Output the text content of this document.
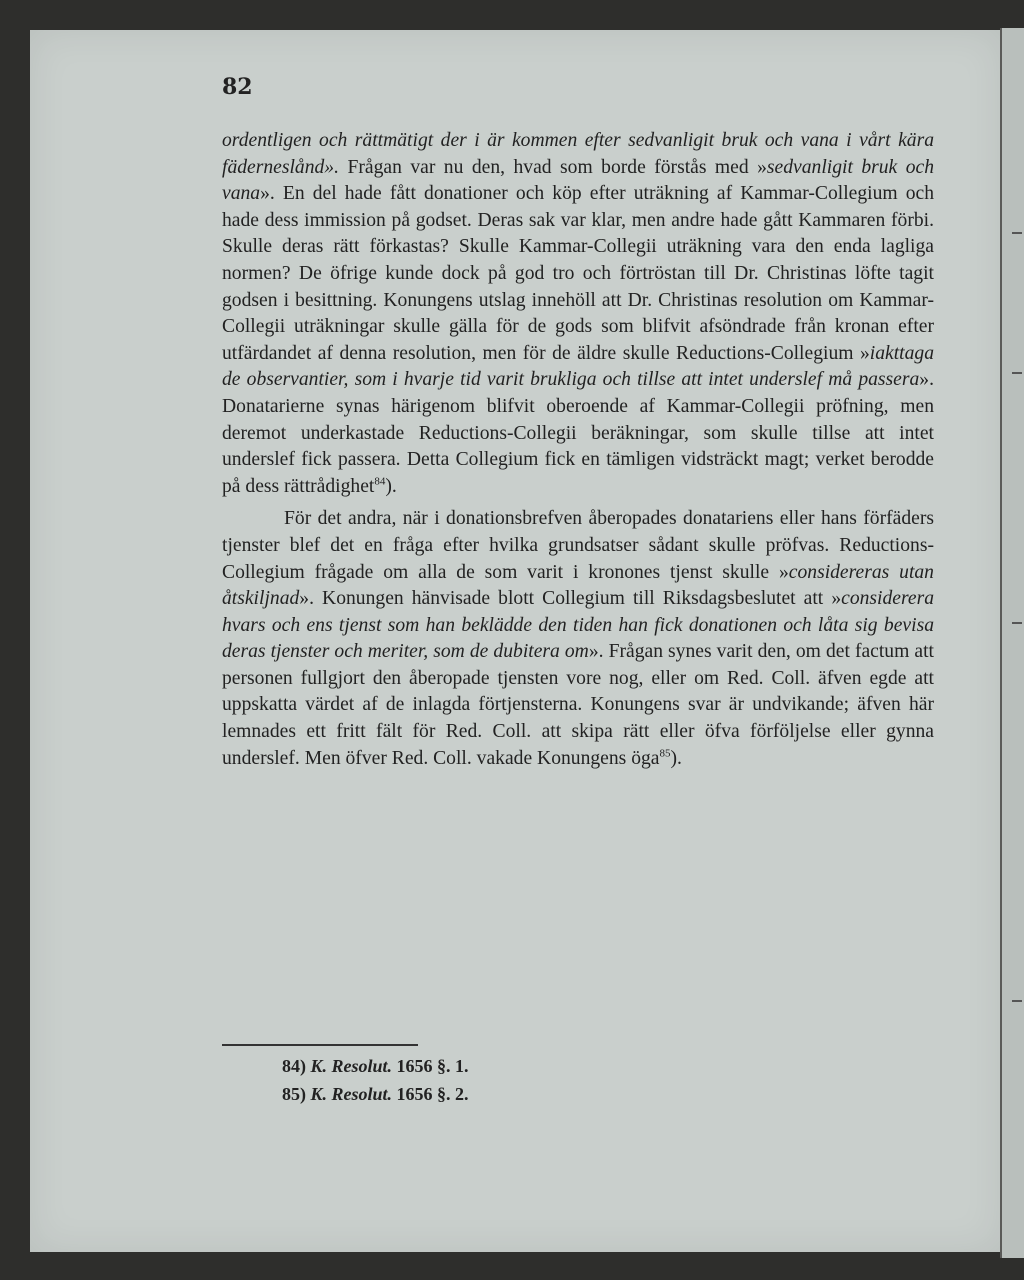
82

ordentligen och rättmätigt der i är kommen efter sedvanligit bruk och vana i vårt kära fäderneslånd». Frågan var nu den, hvad som borde förstås med »sedvanligit bruk och vana». En del hade fått donationer och köp efter uträkning af Kammar-Collegium och hade dess immission på godset. Deras sak var klar, men andre hade gått Kammaren förbi. Skulle deras rätt förkastas? Skulle Kammar-Collegii uträkning vara den enda lagliga normen? De öfrige kunde dock på god tro och förtröstan till Dr. Christinas löfte tagit godsen i besittning. Konungens utslag innehöll att Dr. Christinas resolution om Kammar-Collegii uträkningar skulle gälla för de gods som blifvit afsöndrade från kronan efter utfärdandet af denna resolution, men för de äldre skulle Reductions-Collegium »iakttaga de observantier, som i hvarje tid varit brukliga och tillse att intet underslef må passera». Donatarierne synas härigenom blifvit oberoende af Kammar-Collegii pröfning, men deremot underkastade Reductions-Collegii beräkningar, som skulle tillse att intet underslef fick passera. Detta Collegium fick en tämligen vidsträckt magt; verket berodde på dess rättrådighet$^{84}$).

För det andra, när i donationsbrefven åberopades donatariens eller hans förfäders tjenster blef det en fråga efter hvilka grundsatser sådant skulle pröfvas. Reductions-Collegium frågade om alla de som varit i kronones tjenst skulle »considereras utan åtskiljnad». Konungen hänvisade blott Collegium till Riksdagsbeslutet att »considerera hvars och ens tjenst som han beklädde den tiden han fick donationen och låta sig bevisa deras tjenster och meriter, som de dubitera om». Frågan synes varit den, om det factum att personen fullgjort den åberopade tjensten vore nog, eller om Red. Coll. äfven egde att uppskatta värdet af de inlagda förtjensterna. Konungens svar är undvikande; äfven här lemnades ett fritt fält för Red. Coll. att skipa rätt eller öfva förföljelse eller gynna underslef. Men öfver Red. Coll. vakade Konungens öga$^{85}$).

84) K. Resolut. 1656 §. 1.
85) K. Resolut. 1656 §. 2.
